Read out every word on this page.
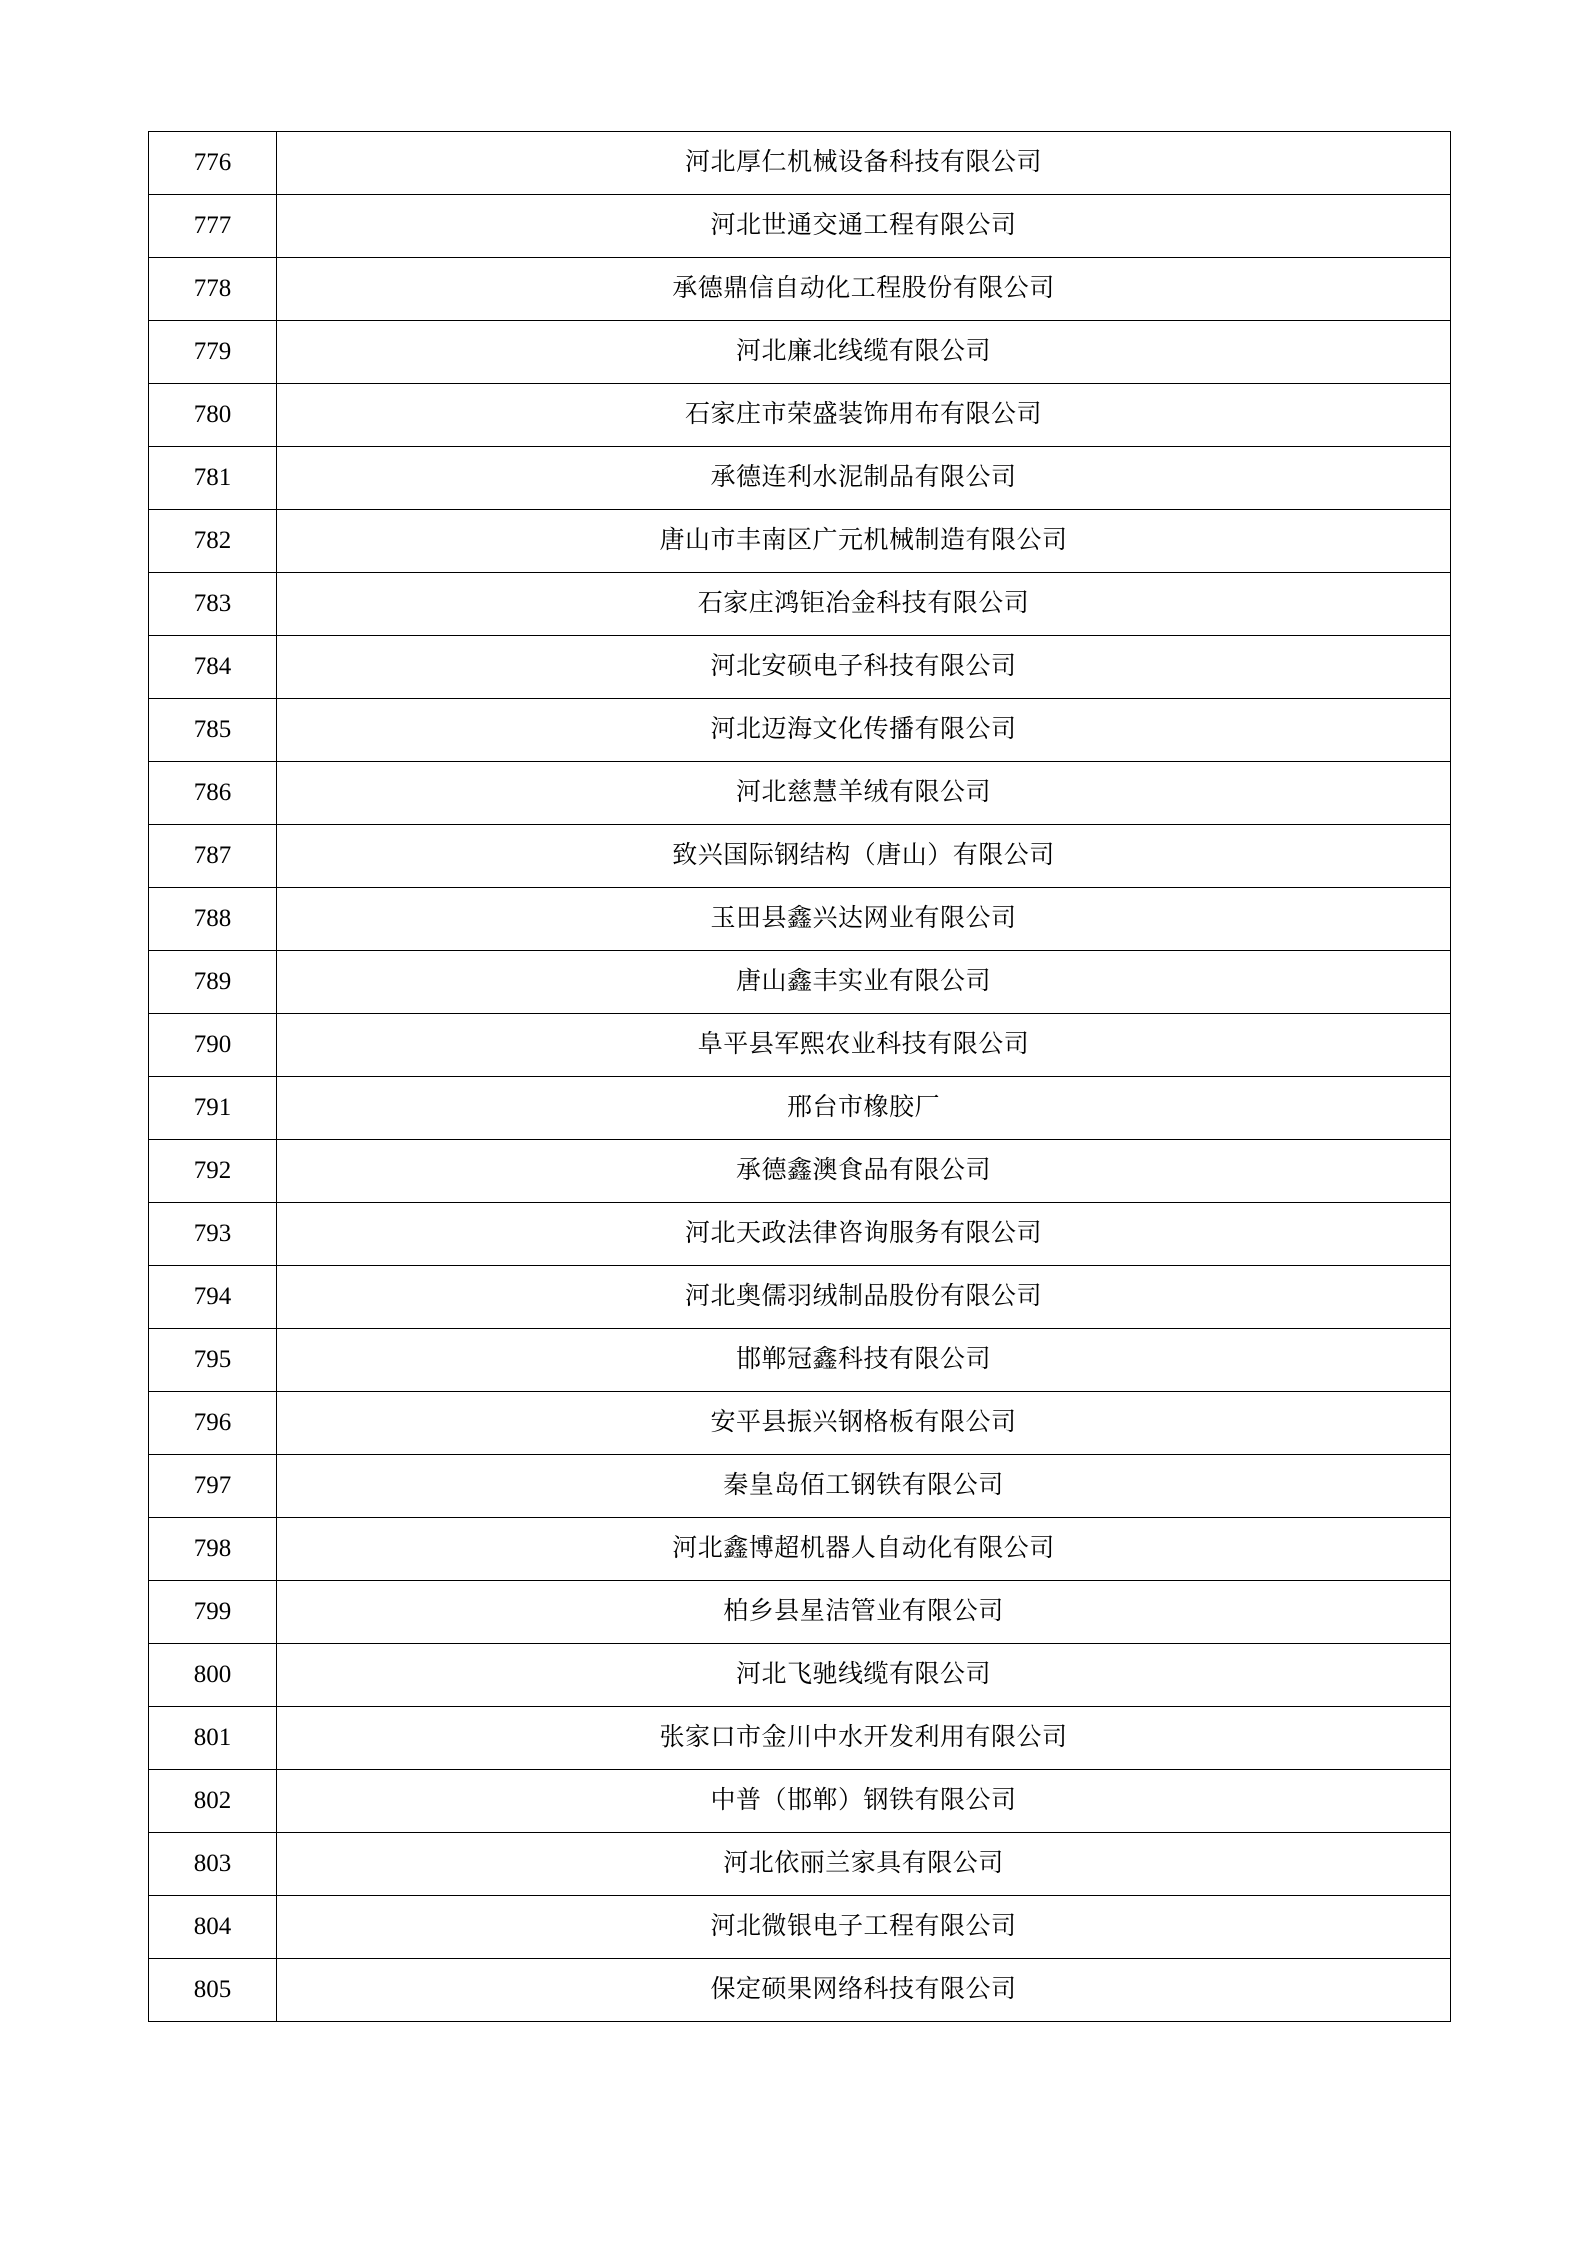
776	河北厚仁机械设备科技有限公司
777	河北世通交通工程有限公司
778	承德鼎信自动化工程股份有限公司
779	河北廉北线缆有限公司
780	石家庄市荣盛装饰用布有限公司
781	承德连利水泥制品有限公司
782	唐山市丰南区广元机械制造有限公司
783	石家庄鸿钜冶金科技有限公司
784	河北安硕电子科技有限公司
785	河北迈海文化传播有限公司
786	河北慈慧羊绒有限公司
787	致兴国际钢结构（唐山）有限公司
788	玉田县鑫兴达网业有限公司
789	唐山鑫丰实业有限公司
790	阜平县军熙农业科技有限公司
791	邢台市橡胶厂
792	承德鑫澳食品有限公司
793	河北天政法律咨询服务有限公司
794	河北奥儒羽绒制品股份有限公司
795	邯郸冠鑫科技有限公司
796	安平县振兴钢格板有限公司
797	秦皇岛佰工钢铁有限公司
798	河北鑫博超机器人自动化有限公司
799	柏乡县星洁管业有限公司
800	河北飞驰线缆有限公司
801	张家口市金川中水开发利用有限公司
802	中普（邯郸）钢铁有限公司
803	河北依丽兰家具有限公司
804	河北微银电子工程有限公司
805	保定硕果网络科技有限公司
